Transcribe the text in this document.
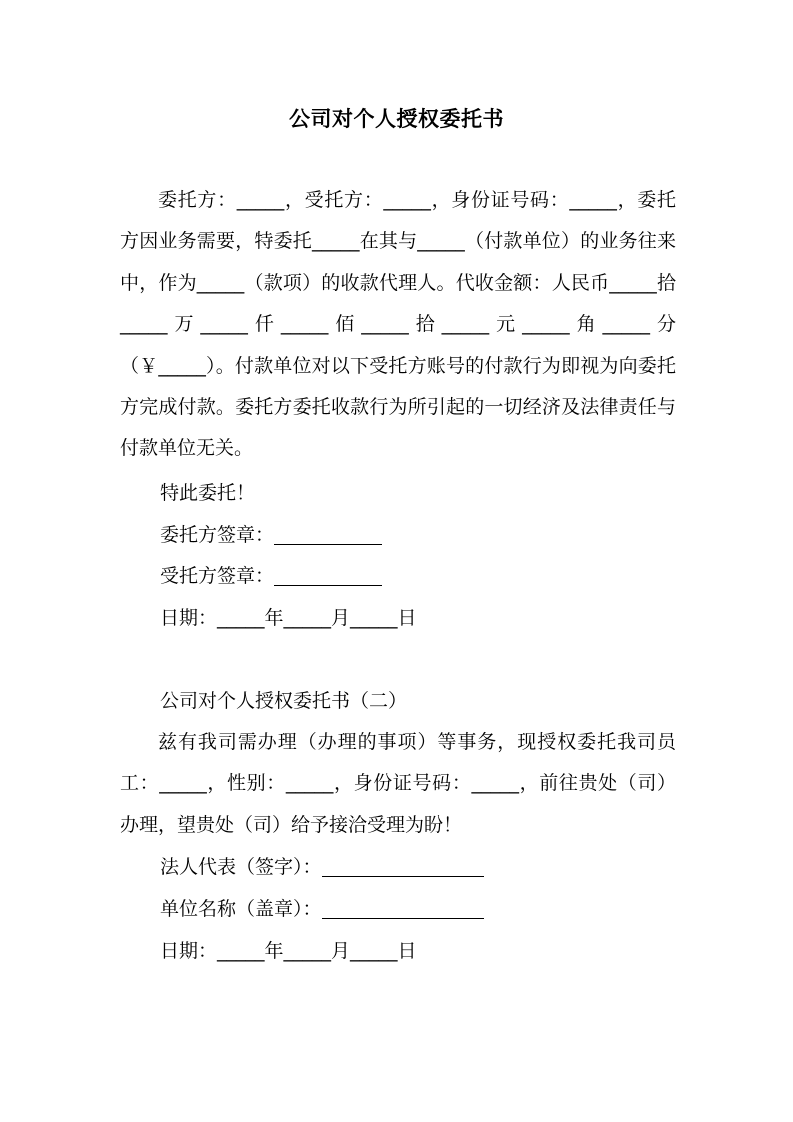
公司对个人授权委托书
委托方：_____，受托方：_____，身份证号码：_____，委托方因业务需要，特委托_____在其与_____（付款单位）的业务往来中，作为_____（款项）的收款代理人。代收金额：人民币_____拾_____万_____仟_____佰_____拾_____元_____角_____分（￥_____）。付款单位对以下受托方账号的付款行为即视为向委托方完成付款。委托方委托收款行为所引起的一切经济及法律责任与付款单位无关。
特此委托！
委托方签章：
受托方签章：
日期：_____年_____月_____日
公司对个人授权委托书（二）
兹有我司需办理（办理的事项）等事务，现授权委托我司员工：_____，性别：_____，身份证号码：_____，前往贵处（司）办理，望贵处（司）给予接洽受理为盼！
法人代表（签字）：
单位名称（盖章）：
日期：_____年_____月_____日
